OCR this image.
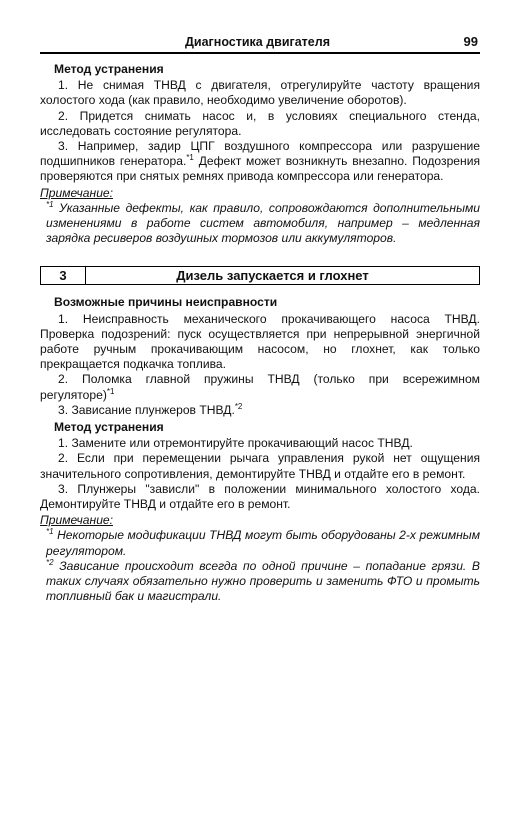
Диагностика двигателя	99

Метод устранения

1. Не снимая ТНВД с двигателя, отрегулируйте частоту вращения холостого хода (как правило, необходимо увеличение оборотов).

2. Придется снимать насос и, в условиях специального стенда, исследовать состояние регулятора.

3. Например, задир ЦПГ воздушного компрессора или разрушение подшипников генератора.$^{*1}$ Дефект может возникнуть внезапно. Подозрения проверяются при снятых ремнях привода компрессора или генератора.

Примечание:

$^{*1}$ Указанные дефекты, как правило, сопровождаются дополнительными изменениями в работе систем автомобиля, например – медленная зарядка ресиверов воздушных тормозов или аккумуляторов.

3	Дизель запускается и глохнет

Возможные причины неисправности

1. Неисправность механического прокачивающего насоса ТНВД. Проверка подозрений: пуск осуществляется при непрерывной энергичной работе ручным прокачивающим насосом, но глохнет, как только прекращается подкачка топлива.

2. Поломка главной пружины ТНВД (только при всережимном регуляторе)$^{*1}$

3. Зависание плунжеров ТНВД.$^{*2}$

Метод устранения

1. Замените или отремонтируйте прокачивающий насос ТНВД.

2. Если при перемещении рычага управления рукой нет ощущения значительного сопротивления, демонтируйте ТНВД и отдайте его в ремонт.

3. Плунжеры "зависли" в положении минимального холостого хода. Демонтируйте ТНВД и отдайте его в ремонт.

Примечание:

$^{*1}$ Некоторые модификации ТНВД могут быть оборудованы 2-х режимным регулятором.

$^{*2}$ Зависание происходит всегда по одной причине – попадание грязи. В таких случаях обязательно нужно проверить и заменить ФТО и промыть топливный бак и магистрали.
